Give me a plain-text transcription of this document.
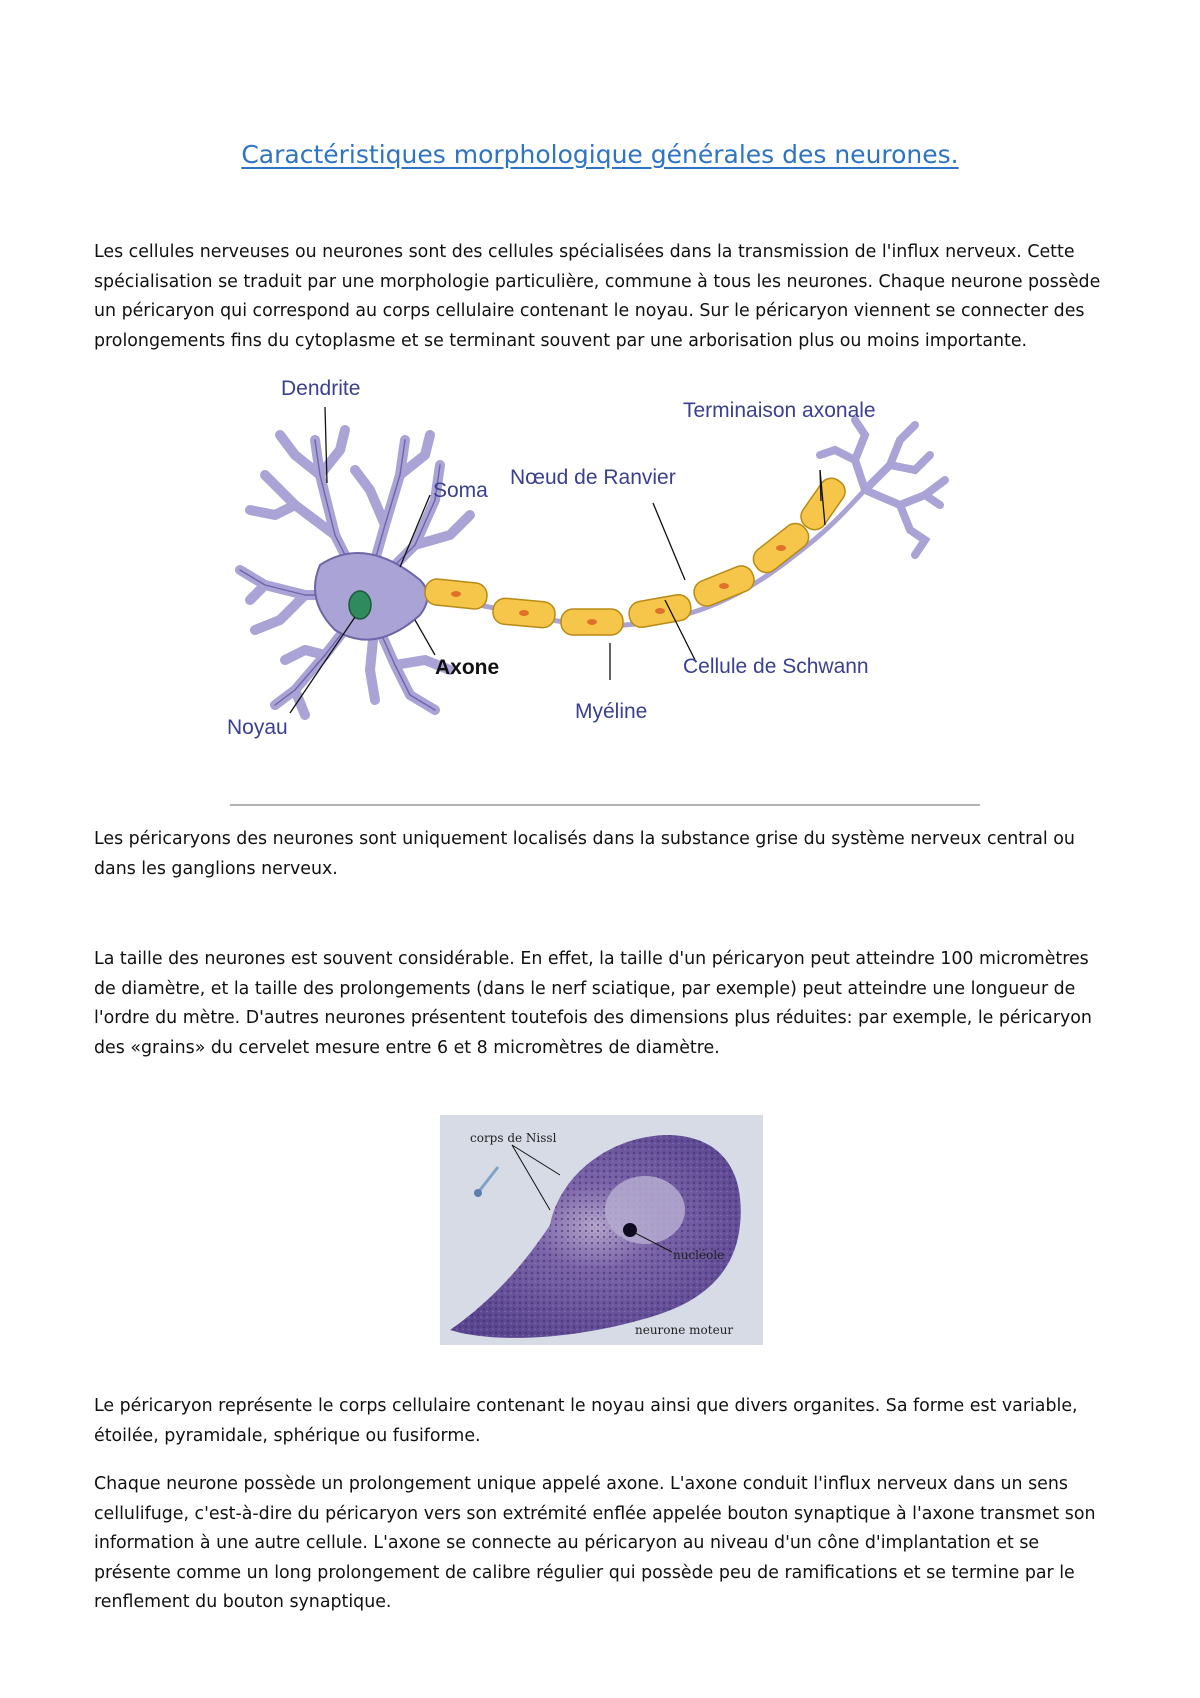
Caractéristiques morphologique générales des neurones.

Les cellules nerveuses ou neurones sont des cellules spécialisées dans la transmission de l'influx nerveux. Cette spécialisation se traduit par une morphologie particulière, commune à tous les neurones. Chaque neurone possède un péricaryon qui correspond au corps cellulaire contenant le noyau. Sur le péricaryon viennent se connecter des prolongements fins du cytoplasme et se terminant souvent par une arborisation plus ou moins importante.

Dendrite
Soma
Nœud de Ranvier
Terminaison axonale
Axone	Cellule de Schwann
Myéline
Noyau

Les péricaryons des neurones sont uniquement localisés dans la substance grise du système nerveux central ou dans les ganglions nerveux.

La taille des neurones est souvent considérable. En effet, la taille d'un péricaryon peut atteindre 100 micromètres de diamètre, et la taille des prolongements (dans le nerf sciatique, par exemple) peut atteindre une longueur de l'ordre du mètre. D'autres neurones présentent toutefois des dimensions plus réduites: par exemple, le péricaryon des «grains» du cervelet mesure entre 6 et 8 micromètres de diamètre.

corps de Nissl
nucléole
neurone moteur

Le péricaryon représente le corps cellulaire contenant le noyau ainsi que divers organites. Sa forme est variable, étoilée, pyramidale, sphérique ou fusiforme.

Chaque neurone possède un prolongement unique appelé axone. L'axone conduit l'influx nerveux dans un sens cellulifuge, c'est-à-dire du péricaryon vers son extrémité enflée appelée bouton synaptique à l'axone transmet son information à une autre cellule. L'axone se connecte au péricaryon au niveau d'un cône d'implantation et se présente comme un long prolongement de calibre régulier qui possède peu de ramifications et se termine par le renflement du bouton synaptique.
